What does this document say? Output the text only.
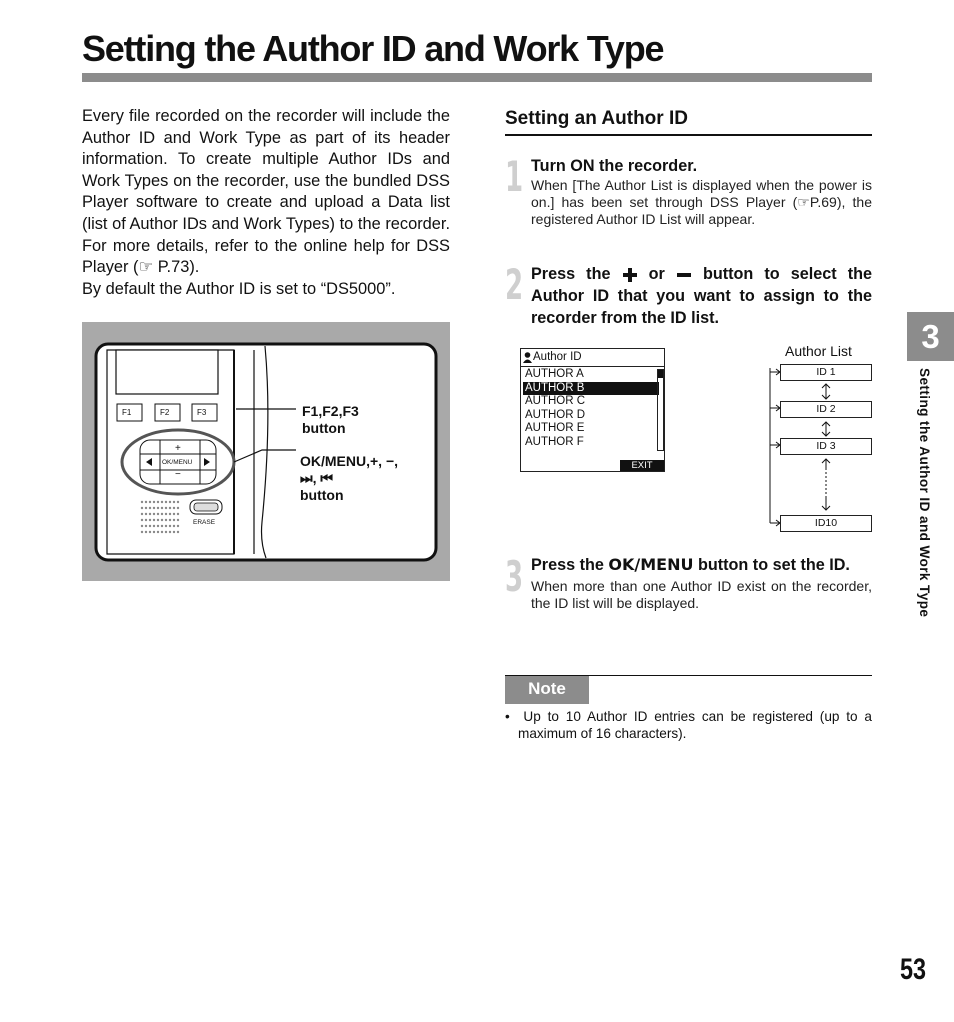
Setting the Author ID and Work Type

Every file recorded on the recorder will include the Author ID and Work Type as part of its header information. To create multiple Author IDs and Work Types on the recorder, use the bundled DSS Player software to create and upload a Data list (list of Author IDs and Work Types) to the recorder. For more details, refer to the online help for DSS Player (☞ P.73).

By default the Author ID is set to “DS5000”.

F1	F2	F3
OK/MENU
ERASE
+
−
F1,F2,F3
button
OK/MENU,+, −,
⏭, ⏮
button
Setting an Author ID
1 Turn ON the recorder.

When [The Author List is displayed when the power is on.] has been set through DSS Player (☞P.69), the registered Author ID List will appear.

2 Press the or button to select the Author ID that you want to assign to the recorder from the ID list.

Author ID
AUTHOR A
AUTHOR B
AUTHOR C
AUTHOR D
AUTHOR E
AUTHOR F
EXIT
Author List
ID 1
ID 2
ID 3
ID10
3 Press the OK/MENU button to set the ID.

When more than one Author ID exist on the recorder, the ID list will be displayed.

Note
•  Up to 10 Author ID entries can be registered (up to a maximum of 16 characters).
3
Setting the Author ID and Work Type
53
